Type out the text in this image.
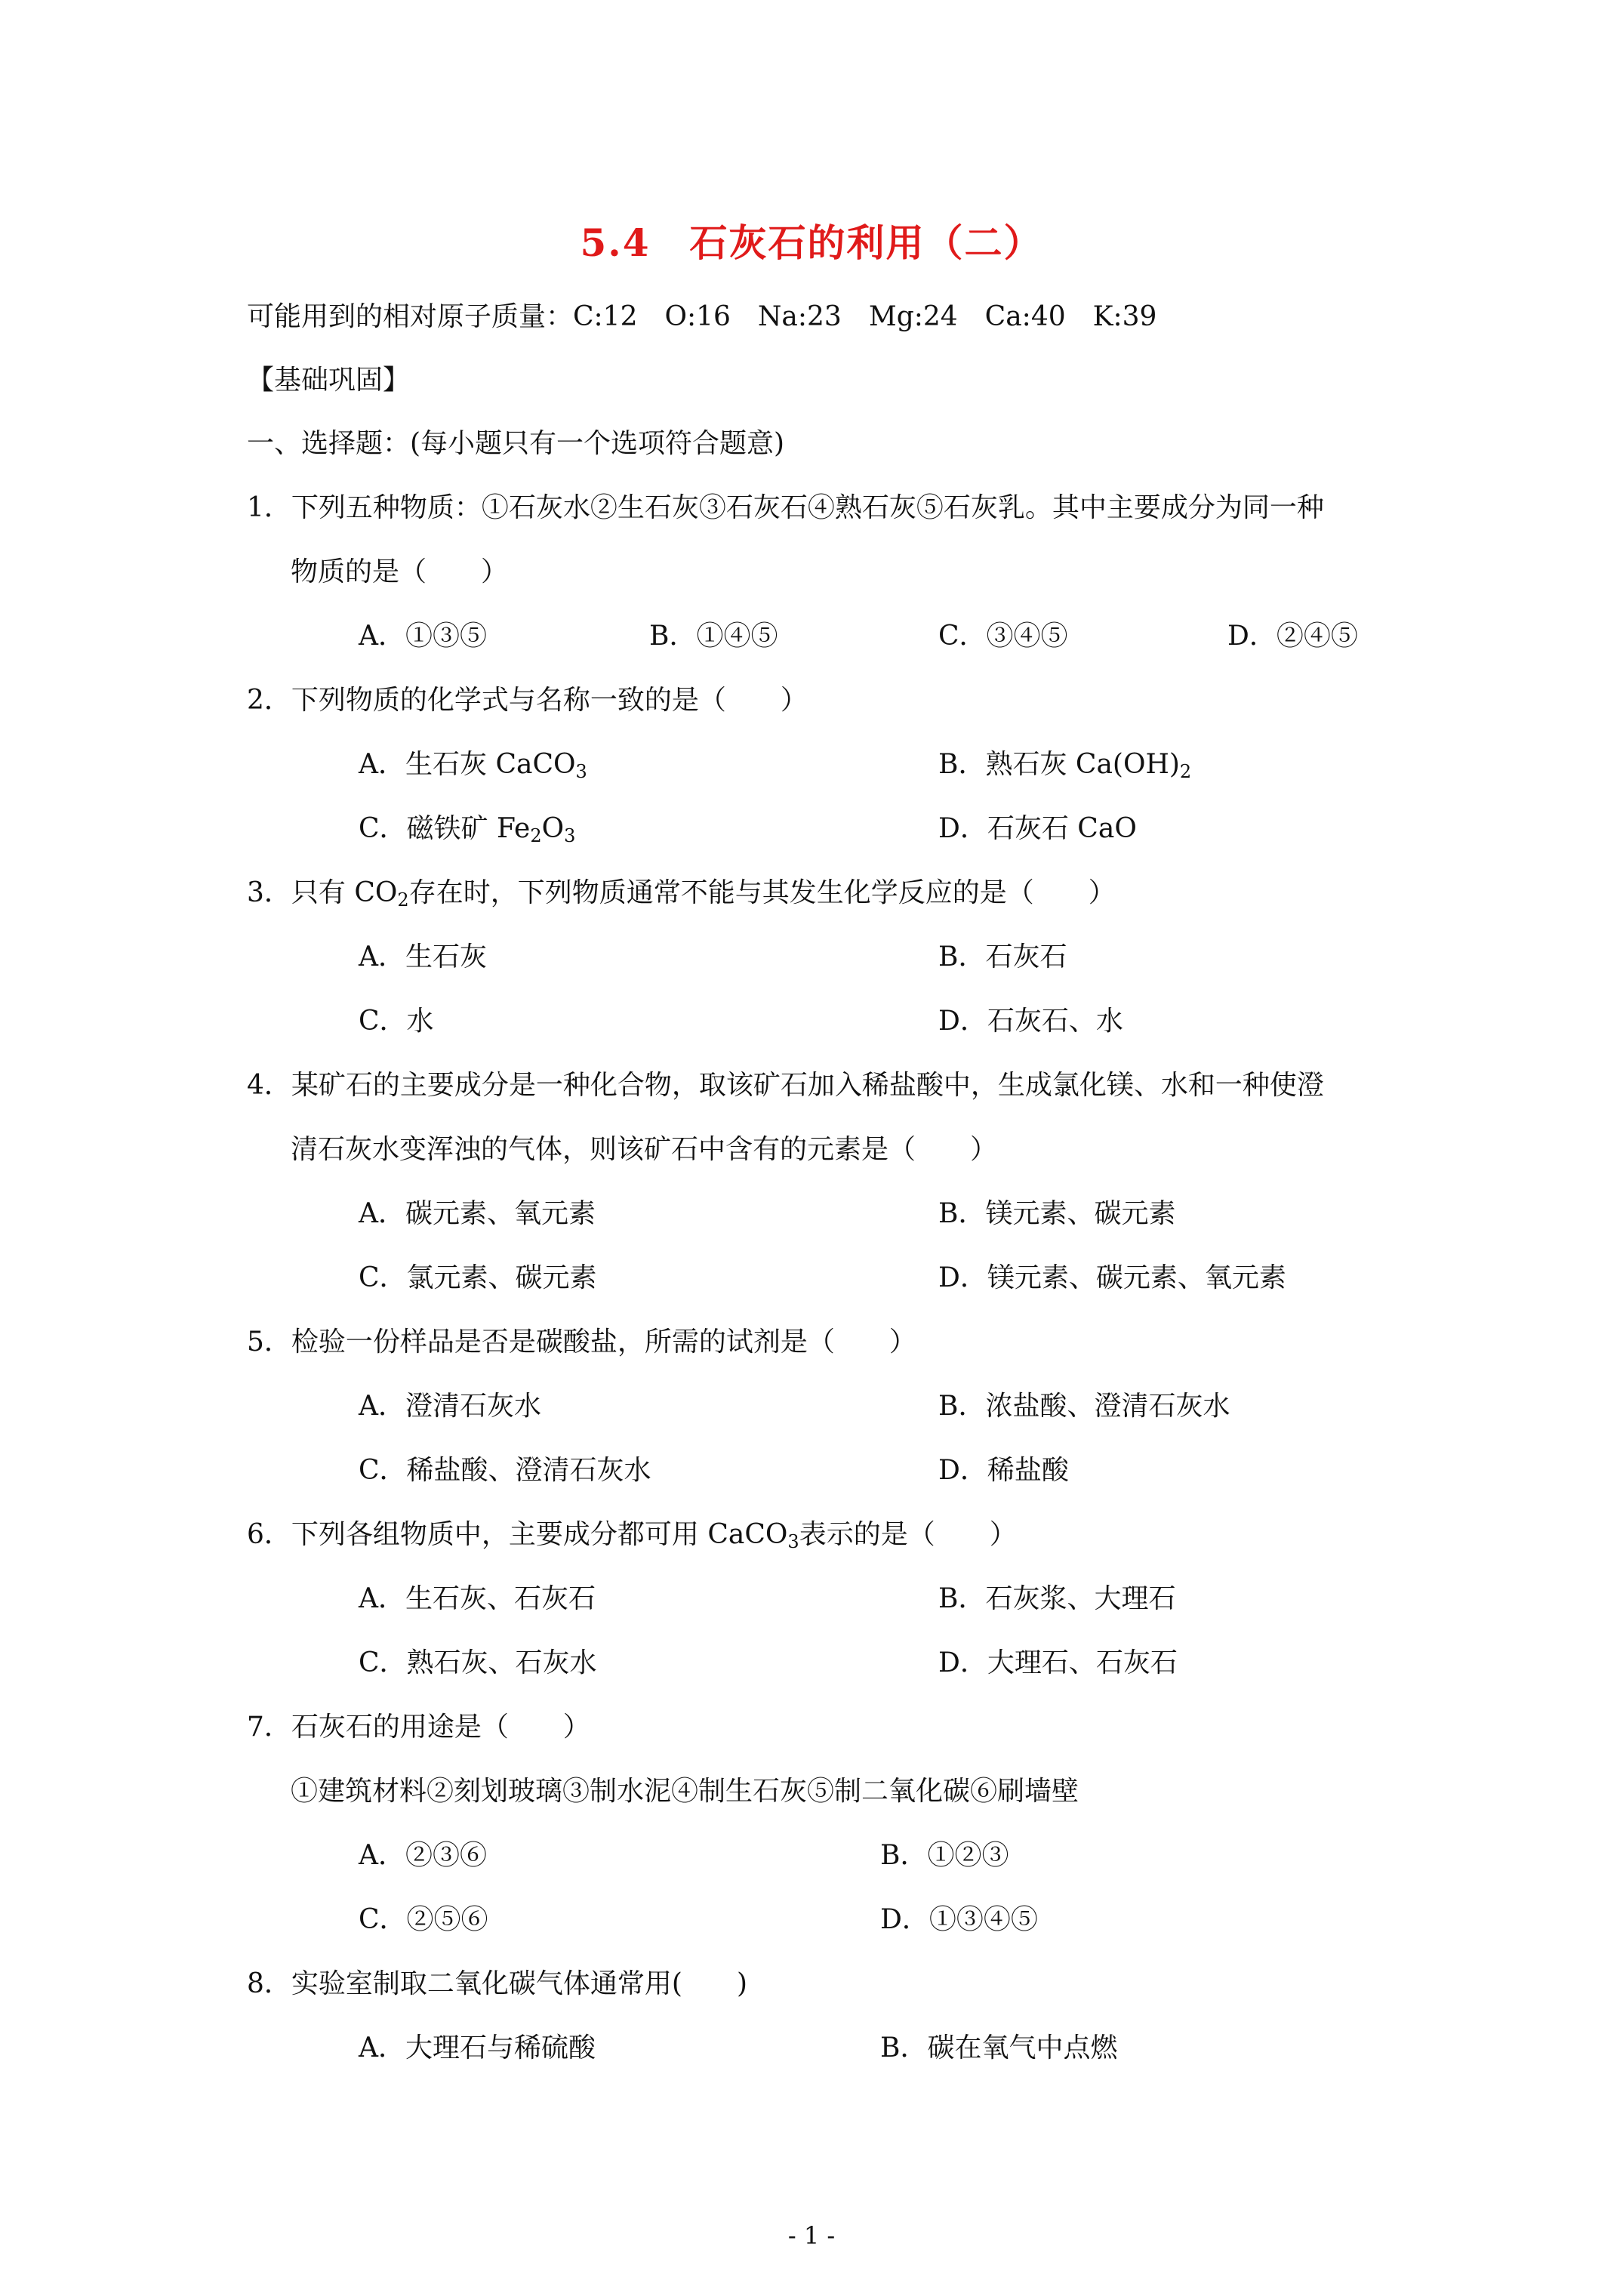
5.4　石灰石的利用（二）
可能用到的相对原子质量：C:12　O:16　Na:23　Mg:24　Ca:40　K:39
【基础巩固】
一、选择题：(每小题只有一个选项符合题意)
1．下列五种物质：①石灰水②生石灰③石灰石④熟石灰⑤石灰乳。其中主要成分为同一种
物质的是（　　）
A．①③⑤	B．①④⑤	C．③④⑤	D．②④⑤
2．下列物质的化学式与名称一致的是（　　）
A．生石灰 CaCO$_3$	B．熟石灰 $Ca(OH)_2$
C．磁铁矿 $Fe_2O_3$	D．石灰石 CaO
3．只有 $CO_2$存在时，下列物质通常不能与其发生化学反应的是（　　）
A．生石灰	B．石灰石
C．水	D．石灰石、水
4．某矿石的主要成分是一种化合物，取该矿石加入稀盐酸中，生成氯化镁、水和一种使澄
清石灰水变浑浊的气体，则该矿石中含有的元素是（　　）
A．碳元素、氧元素	B．镁元素、碳元素
C．氯元素、碳元素	D．镁元素、碳元素、氧元素
5．检验一份样品是否是碳酸盐，所需的试剂是（　　）
A．澄清石灰水	B．浓盐酸、澄清石灰水
C．稀盐酸、澄清石灰水	D．稀盐酸
6．下列各组物质中，主要成分都可用 CaCO$_3$表示的是（　　）
A．生石灰、石灰石	B．石灰浆、大理石
C．熟石灰、石灰水	D．大理石、石灰石
7．石灰石的用途是（　　）
①建筑材料②刻划玻璃③制水泥④制生石灰⑤制二氧化碳⑥刷墙壁
A．②③⑥	B．①②③
C．②⑤⑥	D．①③④⑤
8．实验室制取二氧化碳气体通常用(　　)
A．大理石与稀硫酸	B．碳在氧气中点燃
- 1 -
